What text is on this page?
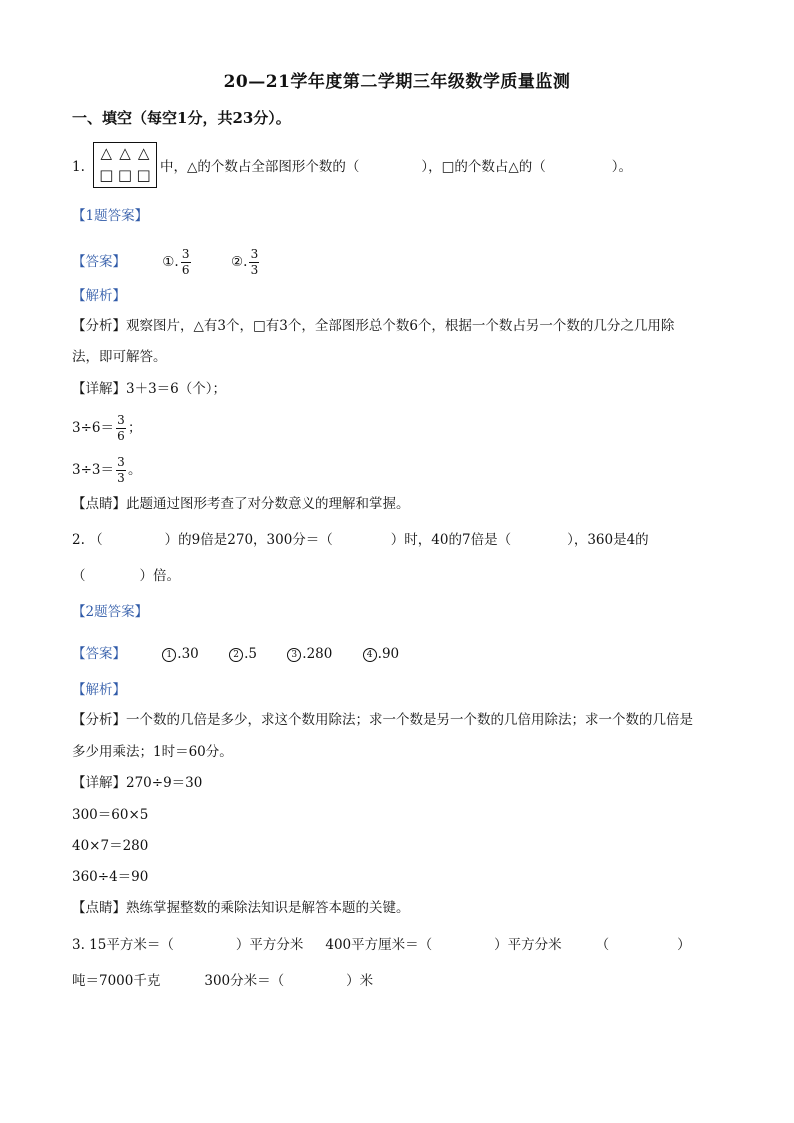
20—21学年度第二学期三年级数学质量监测
一、填空（每空1分，共23分）。
1.
△ △ △
□ □ □ 中，△的个数占全部图形个数的（	），□的个数占△的（	）。
【1题答案】
【答案】	①. $\frac{3}{6}$	②. $\frac{3}{3}$
【解析】
【分析】观察图片，△有3个，□有3个，全部图形总个数6个，根据一个数占另一个数的几分之几用除
法，即可解答。
【详解】3＋3＝6（个）；
$3\div 6= \frac{3}{6}$ ；
$3\div 3= \frac{3}{3}$ 。
【点睛】此题通过图形考查了对分数意义的理解和掌握。
2. （	）的9倍是270，300分＝（	）时，40的7倍是（	），360是4的
（	）倍。
【2题答案】
【答案】	1 .30	2 .5	3 .280	4 .90
【解析】
【分析】一个数的几倍是多少，求这个数用除法；求一个数是另一个数的几倍用除法；求一个数的几倍是
多少用乘法；1时＝60分。
【详解】270÷9＝30
300＝60×5
40×7＝280
360÷4＝90
【点睛】熟练掌握整数的乘除法知识是解答本题的关键。
3. 15平方米＝（	）平方分米 400平方厘米＝（	）平方分米	（	）
吨＝7000千克	300分米＝（	）米
